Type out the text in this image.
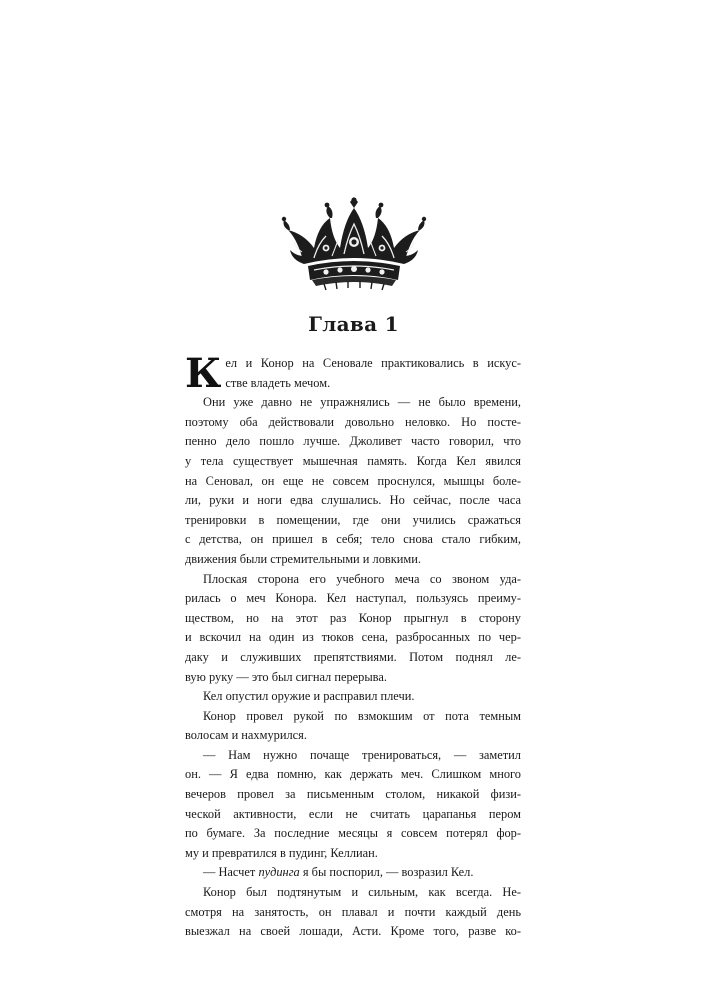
Глава 1

К ел и Конор на Сеновале практиковались в искус-
стве владеть мечом.

Они уже давно не упражнялись — не было времени,
поэтому оба действовали довольно неловко. Но посте-
пенно дело пошло лучше. Джоливет часто говорил, что
у тела существует мышечная память. Когда Кел явился
на Сеновал, он еще не совсем проснулся, мышцы боле-
ли, руки и ноги едва слушались. Но сейчас, после часа
тренировки в помещении, где они учились сражаться
с детства, он пришел в себя; тело снова стало гибким,
движения были стремительными и ловкими.

Плоская сторона его учебного меча со звоном уда-
рилась о меч Конора. Кел наступал, пользуясь преиму-
ществом, но на этот раз Конор прыгнул в сторону
и вскочил на один из тюков сена, разбросанных по чер-
даку и служивших препятствиями. Потом поднял ле-
вую руку — это был сигнал перерыва.

Кел опустил оружие и расправил плечи.

Конор провел рукой по взмокшим от пота темным
волосам и нахмурился.

— Нам нужно почаще тренироваться, — заметил
он. — Я едва помню, как держать меч. Слишком много
вечеров провел за письменным столом, никакой физи-
ческой активности, если не считать царапанья пером
по бумаге. За последние месяцы я совсем потерял фор-
му и превратился в пудинг, Келлиан.

— Насчет пудинга я бы поспорил, — возразил Кел.

Конор был подтянутым и сильным, как всегда. Не-
смотря на занятость, он плавал и почти каждый день
выезжал на своей лошади, Асти. Кроме того, разве ко-
